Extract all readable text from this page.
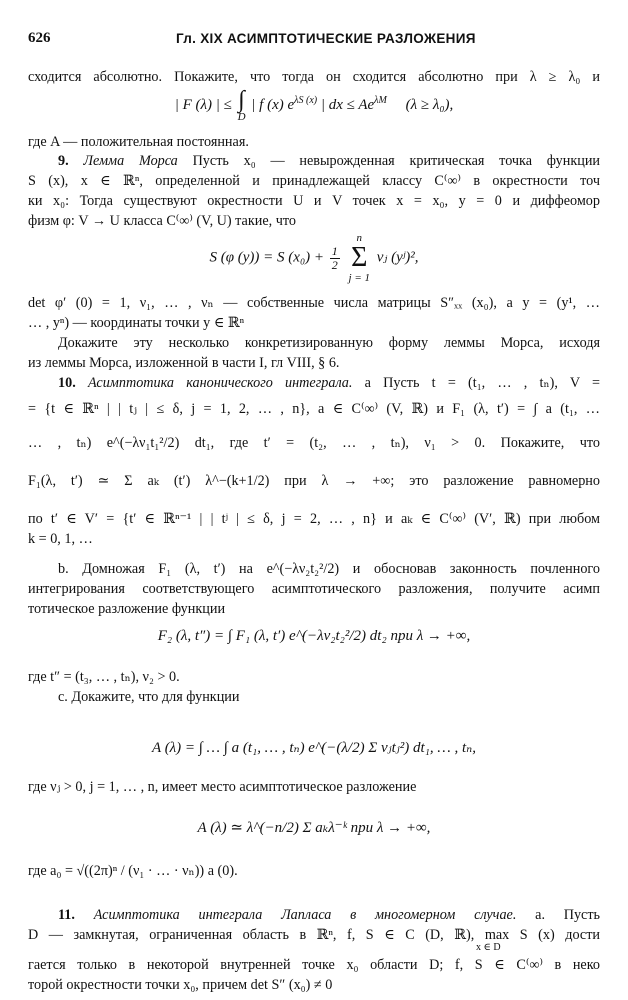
626	Гл. XIX АСИМПТОТИЧЕСКИЕ РАЗЛОЖЕНИЯ
сходится абсолютно. Покажите, что тогда он сходится абсолютно при λ ≥ λ₀ и
| F (λ) | ≤ ∫
D
| f (x) $e^{\lambda S (x)}$ | dx ≤ $Ae^{\lambda M}$ (λ ≥ λ₀),
где A — положительная постоянная.
9. Лемма Морса Пусть x₀ — невырожденная критическая точка функции
S (x), x ∈ ℝⁿ, определенной и принадлежащей классу C⁽∞⁾ в окрестности точ
ки x₀: Тогда существуют окрестности U и V точек x = x₀, y = 0 и диффеомор
физм φ: V → U класса C⁽∞⁾ (V, U) такие, что
S (φ (y)) = S $(x_0) + \frac{1}{2}$

n
Σ
j = 1
νⱼ (yʲ)²,
det φ′ (0) = 1, ν₁, … , νₙ — собственные числа матрицы S″ₓₓ (x₀), а y = (y¹, …
… , yⁿ) — координаты точки y ∈ ℝⁿ
Докажите эту несколько конкретизированную форму леммы Морса, исходя
из леммы Морса, изложенной в части I, гл VIII, § 6.
10. Асимптотика канонического интеграла. а Пусть t = (t₁, … , tₙ), V =
= {t ∈ ℝⁿ | | tⱼ | ≤ δ, j = 1, 2, … , n}, a ∈ C⁽∞⁾ (V, ℝ) и F₁ (λ, t′) = ∫ a (t₁, …
… , tₙ) e^(−λν₁t₁²/2) dt₁, где t′ = (t₂, … , tₙ), ν₁ > 0. Покажите, что
F₁(λ, t′) ≃ Σ aₖ (t′) λ^−(k+1/2) при λ → +∞; это разложение равномерно
по t′ ∈ V′ = {t′ ∈ ℝⁿ⁻¹ | | tʲ | ≤ δ, j = 2, … , n} и aₖ ∈ C⁽∞⁾ (V′, ℝ) при любом
k = 0, 1, …
b. Домножая F₁ (λ, t′) на e^(−λν₂t₂²/2) и обосновав законность почленного
интегрирования соответствующего асимптотического разложения, получите асимп
тотическое разложение функции
F₂ (λ, t″) = ∫ F₁ (λ, t′) e^(−λν₂t₂²/2) dt₂ при λ → +∞,
где t″ = (t₃, … , tₙ), ν₂ > 0.
c. Докажите, что для функции
A (λ) = ∫ … ∫ a (t₁, … , tₙ) e^(−(λ/2) Σ νⱼtⱼ²) dt₁, … , tₙ,
где νⱼ > 0, j = 1, … , n, имеет место асимптотическое разложение
A (λ) ≃ λ^(−n/2) Σ aₖλ⁻ᵏ при λ → +∞,
где a₀ = √((2π)ⁿ / (ν₁ · … · νₙ)) a (0).
11. Асимптотика интеграла Лапласа в многомерном случае. а. Пусть
D — замкнутая, ограниченная область в ℝⁿ, f, S ∈ C (D, ℝ), max S (x) дости
x ∈ D
гается только в некоторой внутренней точке x₀ области D; f, S ∈ C⁽∞⁾ в неко
торой окрестности точки x₀, причем det S″ (x₀) ≠ 0
